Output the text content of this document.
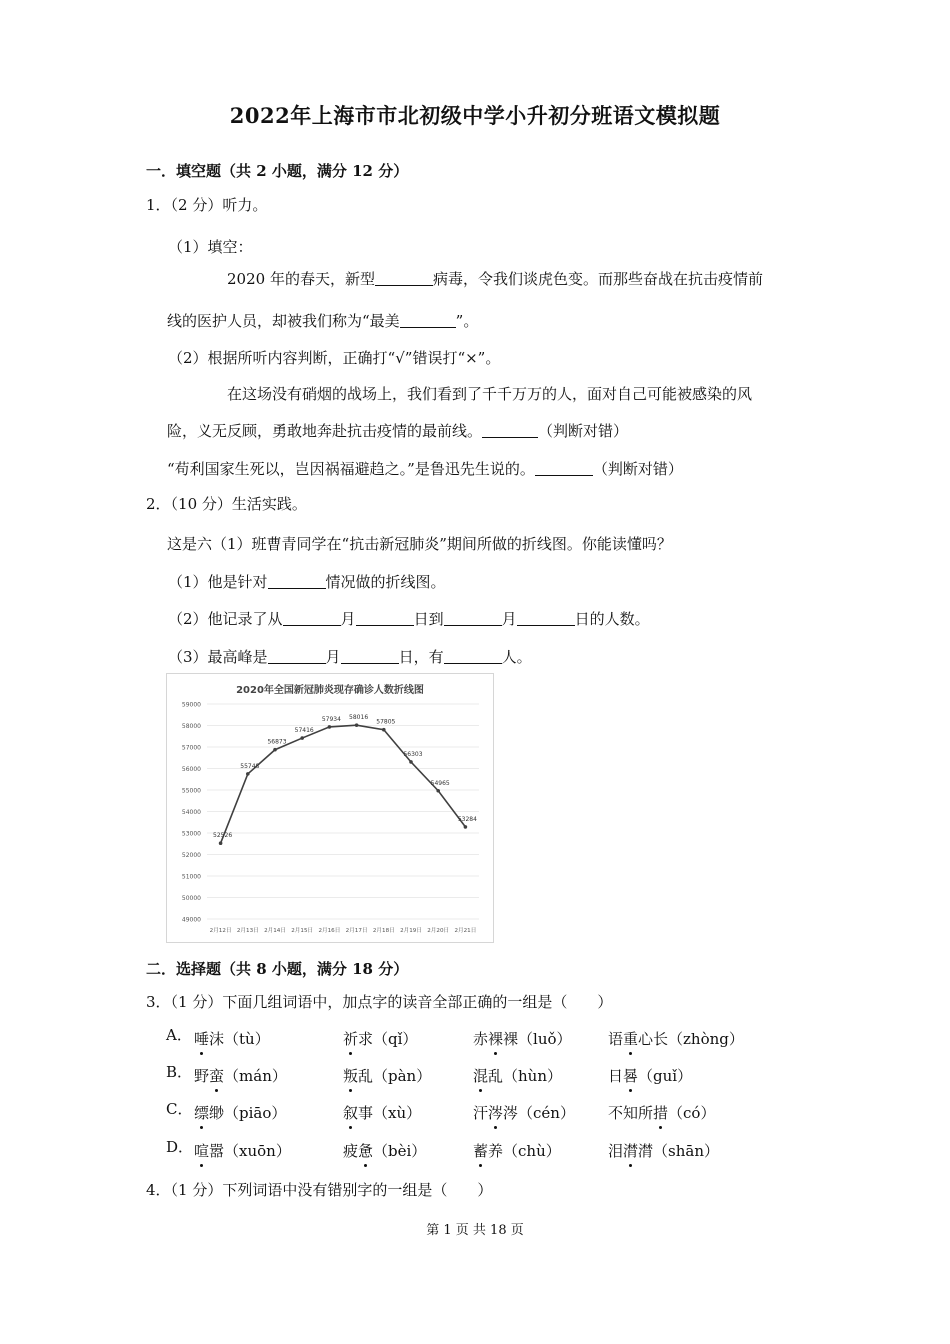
2022年上海市市北初级中学小升初分班语文模拟题
一．填空题（共 2 小题，满分 12 分）
1．（2 分）听力。
（1）填空：
2020 年的春天，新型	病毒，令我们谈虎色变。而那些奋战在抗击疫情前
线的医护人员，却被我们称为“最美	”。
（2）根据所听内容判断，正确打“√”错误打“×”。
在这场没有硝烟的战场上，我们看到了千千万万的人，面对自己可能被感染的风
险，义无反顾，勇敢地奔赴抗击疫情的最前线。	（判断对错）
“苟利国家生死以，岂因祸福避趋之。”是鲁迅先生说的。	（判断对错）
2．（10 分）生活实践。
这是六（1）班曹青同学在“抗击新冠肺炎”期间所做的折线图。你能读懂吗？
（1）他是针对	情况做的折线图。
（2）他记录了从	月	日到	月	日的人数。
（3）最高峰是	月	日，有	人。
2020年全国新冠肺炎现存确诊人数折线图
59000
58000
57000
56000
55000
54000
53000
52000
51000
50000
49000
2月12日 2月13日 2月14日 2月15日 2月16日 2月17日 2月18日 2月19日 2月20日 2月21日
52526
55748
56873
57416
57934 58016
57805
56303
54965
53284
二．选择题（共 8 小题，满分 18 分）
3．（1 分）下面几组词语中，加点字的读音全部正确的一组是（　　）
A． 唾沫（tù）	祈求（qǐ）	赤裸裸（luǒ） 语重心长（zhòng）
B． 野蛮（mán）	叛乱（pàn）	混乱（hùn）	日晷（guǐ）
C． 缥缈（piāo）	叙事（xù）	汗涔涔（cén） 不知所措（có）
D． 喧嚣（xuōn）	疲惫（bèi）	蓄养（chù）	泪潸潸（shān）
4．（1 分）下列词语中没有错别字的一组是（　　）
第 1 页 共 18 页
